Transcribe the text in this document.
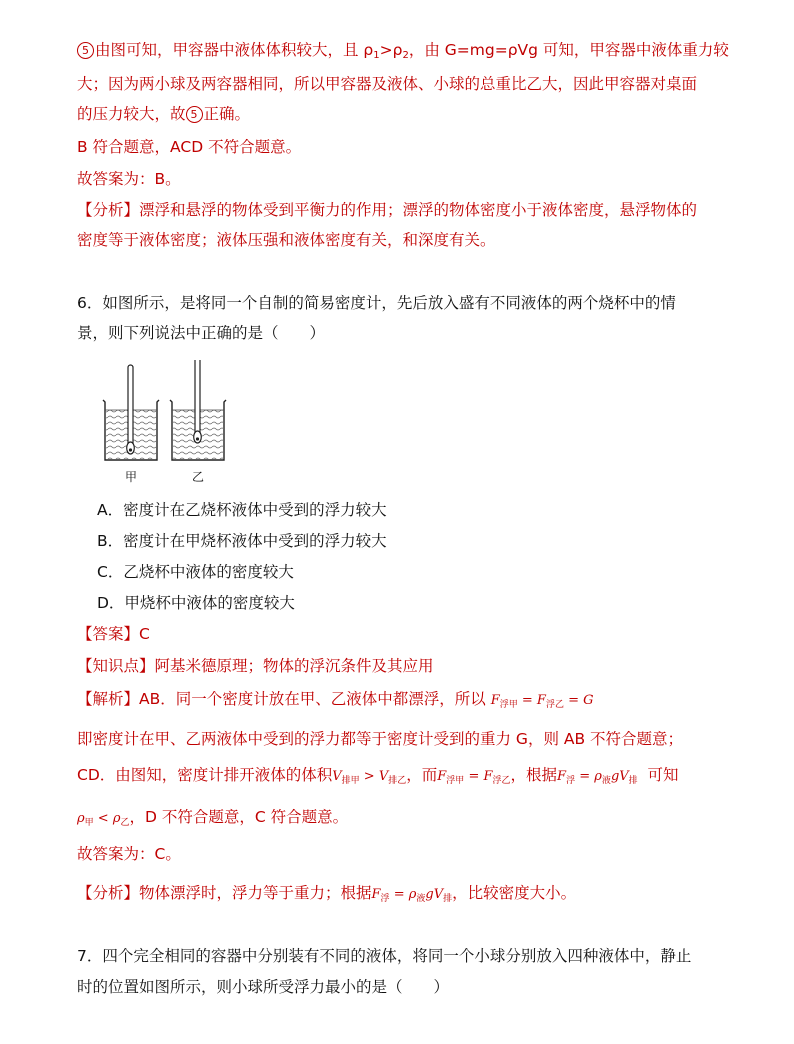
5 由图可知，甲容器中液体体积较大，且 $\rho_1>\rho_2$，由 G=mg=ρVg 可知，甲容器中液体重力较
大；因为两小球及两容器相同，所以甲容器及液体、小球的总重比乙大，因此甲容器对桌面
的压力较大，故 5 正确。
B 符合题意，ACD 不符合题意。
故答案为：B。
【分析】漂浮和悬浮的物体受到平衡力的作用；漂浮的物体密度小于液体密度，悬浮物体的
密度等于液体密度；液体压强和液体密度有关，和深度有关。
6．如图所示，是将同一个自制的简易密度计，先后放入盛有不同液体的两个烧杯中的情
景，则下列说法中正确的是（　　）
甲	乙
A．密度计在乙烧杯液体中受到的浮力较大
B．密度计在甲烧杯液体中受到的浮力较大
C．乙烧杯中液体的密度较大
D．甲烧杯中液体的密度较大
【答案】C
【知识点】阿基米德原理；物体的浮沉条件及其应用
【解析】AB．同一个密度计放在甲、乙液体中都漂浮，所以 $F_{浮甲} = F_{浮乙} = G$
即密度计在甲、乙两液体中受到的浮力都等于密度计受到的重力 G，则 AB 不符合题意；
CD．由图知，密度计排开液体的体积$V_{排甲} > V_{排乙}$，而$F_{浮甲} = F_{浮乙}$，根据$F_浮 = \rho_液gV_排$ 可知
$\rho_甲 < \rho_乙$，D 不符合题意，C 符合题意。
故答案为：C。
【分析】物体漂浮时，浮力等于重力；根据$F_浮 = \rho_液gV_排$，比较密度大小。
7．四个完全相同的容器中分别装有不同的液体，将同一个小球分别放入四种液体中，静止
时的位置如图所示，则小球所受浮力最小的是（　　）
